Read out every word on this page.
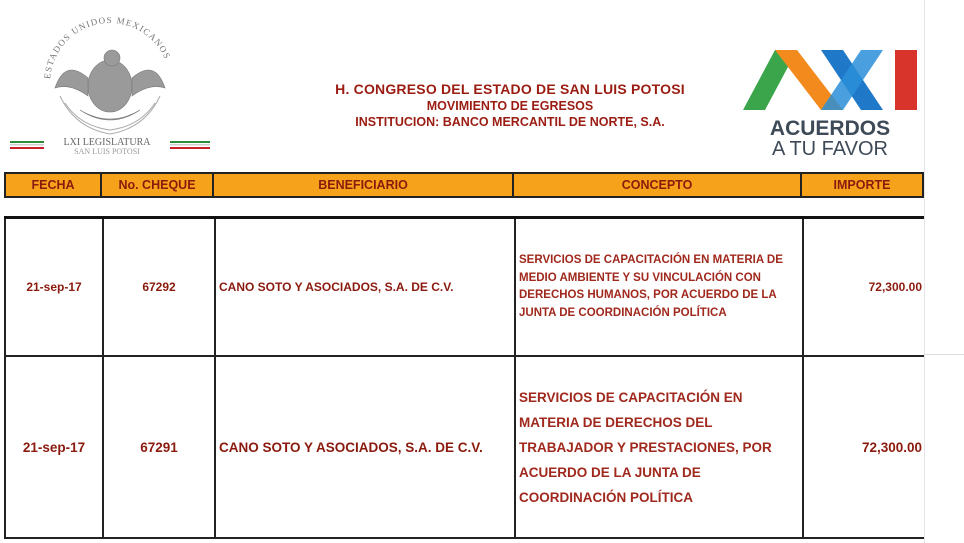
ESTADOS UNIDOS MEXICANOS
LXI LEGISLATURA
SAN LUIS POTOSI
H. CONGRESO DEL ESTADO DE SAN LUIS POTOSI
MOVIMIENTO DE EGRESOS
INSTITUCION: BANCO MERCANTIL DE NORTE, S.A.	ACUERDOS
A TU FAVOR
FECHA	No. CHEQUE	BENEFICIARIO	CONCEPTO	IMPORTE
21-sep-17	67292	CANO SOTO Y ASOCIADOS, S.A. DE C.V.	SERVICIOS DE CAPACITACIÓN EN MATERIA DE MEDIO AMBIENTE Y SU VINCULACIÓN CON DERECHOS HUMANOS, POR ACUERDO DE LA JUNTA DE COORDINACIÓN POLÍTICA	72,300.00
21-sep-17	67291	CANO SOTO Y ASOCIADOS, S.A. DE C.V.	SERVICIOS DE CAPACITACIÓN EN MATERIA DE DERECHOS DEL TRABAJADOR Y PRESTACIONES, POR ACUERDO DE LA JUNTA DE COORDINACIÓN POLÍTICA	72,300.00
